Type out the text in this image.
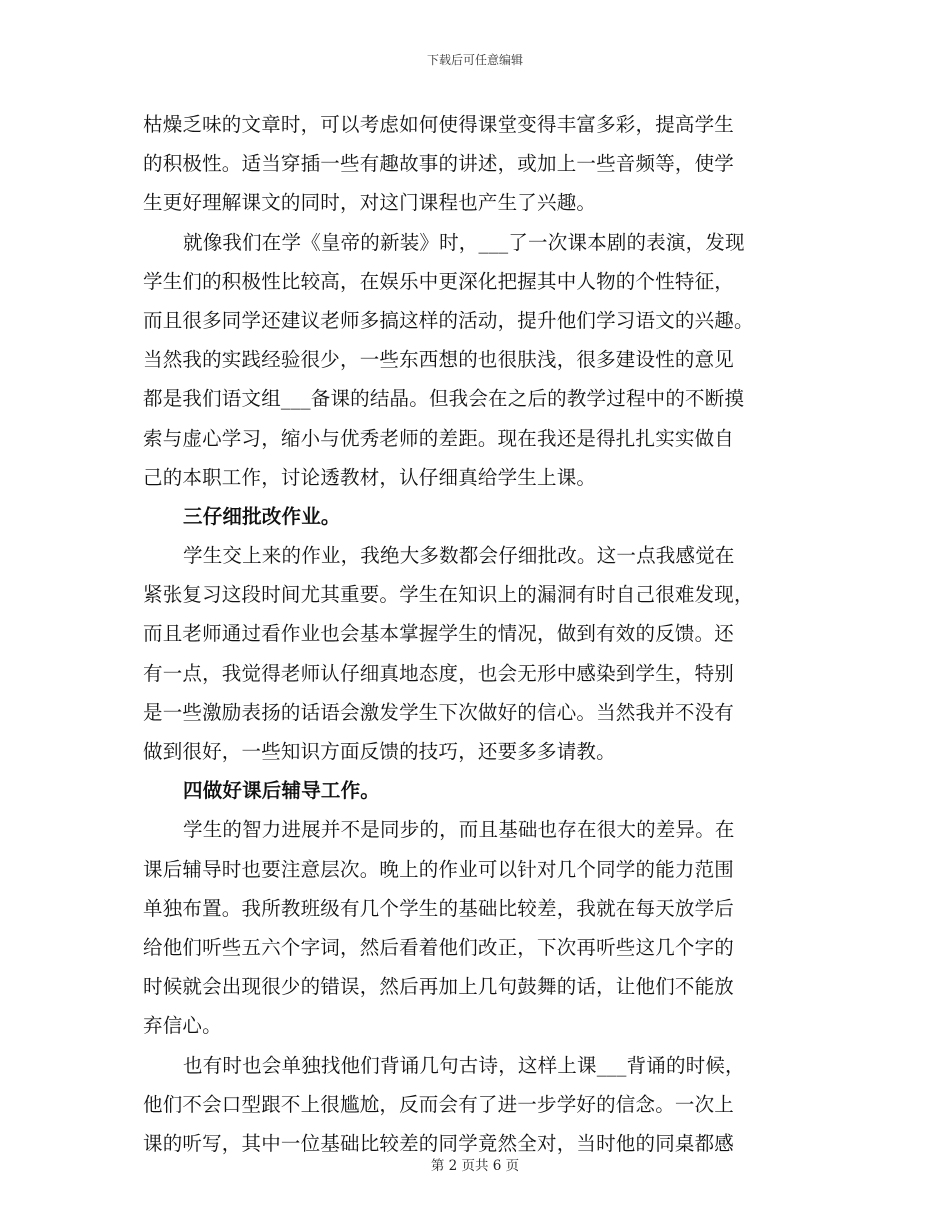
下载后可任意编辑
枯燥乏味的文章时，可以考虑如何使得课堂变得丰富多彩，提高学生
的积极性。适当穿插一些有趣故事的讲述，或加上一些音频等，使学
生更好理解课文的同时，对这门课程也产生了兴趣。
就像我们在学《皇帝的新装》时，___了一次课本剧的表演，发现
学生们的积极性比较高，在娱乐中更深化把握其中人物的个性特征，
而且很多同学还建议老师多搞这样的活动，提升他们学习语文的兴趣。
当然我的实践经验很少，一些东西想的也很肤浅，很多建设性的意见
都是我们语文组___备课的结晶。但我会在之后的教学过程中的不断摸
索与虚心学习，缩小与优秀老师的差距。现在我还是得扎扎实实做自
己的本职工作，讨论透教材，认仔细真给学生上课。
三仔细批改作业。
学生交上来的作业，我绝大多数都会仔细批改。这一点我感觉在
紧张复习这段时间尤其重要。学生在知识上的漏洞有时自己很难发现，
而且老师通过看作业也会基本掌握学生的情况，做到有效的反馈。还
有一点，我觉得老师认仔细真地态度，也会无形中感染到学生，特别
是一些激励表扬的话语会激发学生下次做好的信心。当然我并不没有
做到很好，一些知识方面反馈的技巧，还要多多请教。
四做好课后辅导工作。
学生的智力进展并不是同步的，而且基础也存在很大的差异。在
课后辅导时也要注意层次。晚上的作业可以针对几个同学的能力范围
单独布置。我所教班级有几个学生的基础比较差，我就在每天放学后
给他们听些五六个字词，然后看着他们改正，下次再听些这几个字的
时候就会出现很少的错误，然后再加上几句鼓舞的话，让他们不能放
弃信心。
也有时也会单独找他们背诵几句古诗，这样上课___背诵的时候，
他们不会口型跟不上很尴尬，反而会有了进一步学好的信念。一次上
课的听写，其中一位基础比较差的同学竟然全对，当时他的同桌都感
第 2 页共 6 页
